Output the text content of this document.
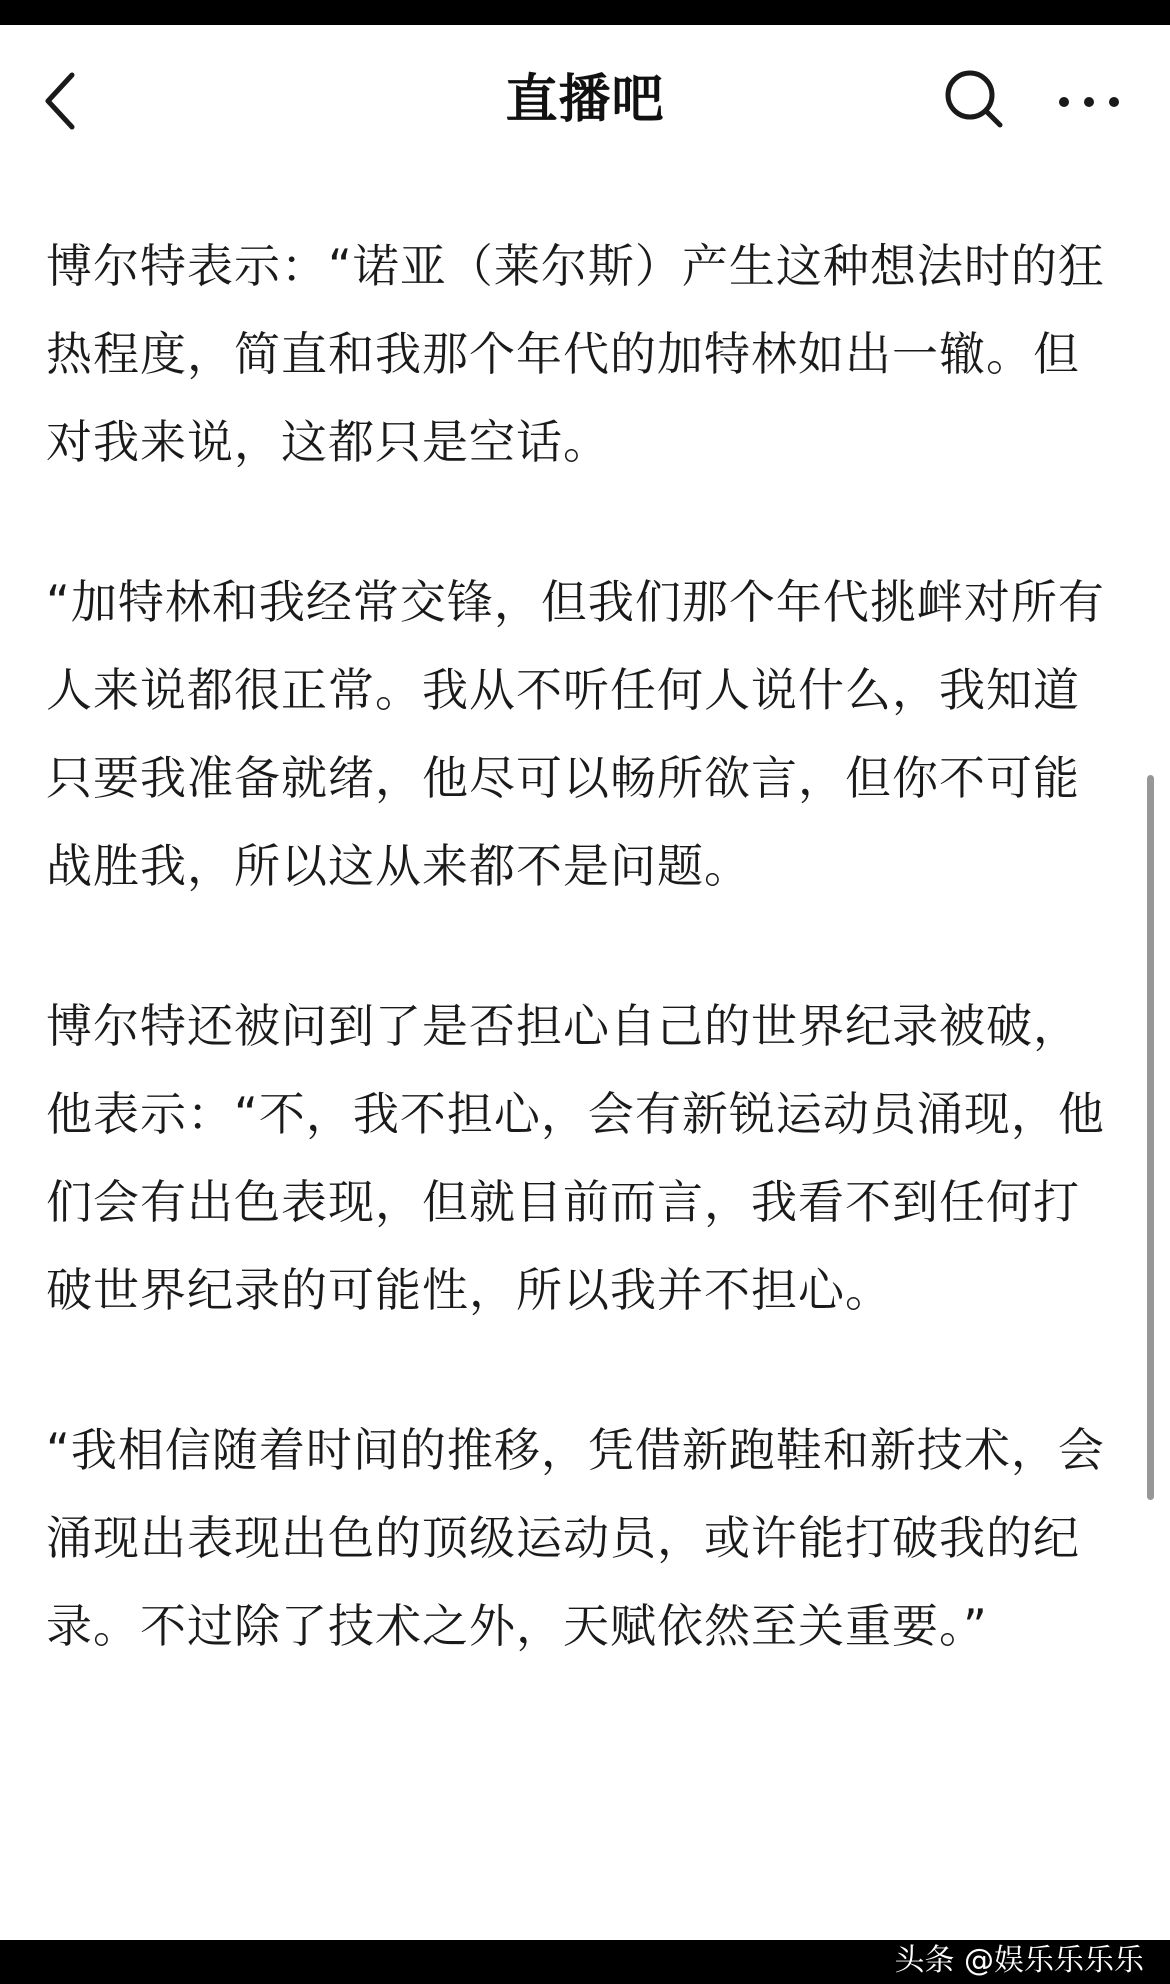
直播吧

博尔特表示：“诺亚（莱尔斯）产生这种想法时的狂热程度，简直和我那个年代的加特林如出一辙。但对我来说，这都只是空话。

“加特林和我经常交锋，但我们那个年代挑衅对所有人来说都很正常。我从不听任何人说什么，我知道只要我准备就绪，他尽可以畅所欲言，但你不可能战胜我，所以这从来都不是问题。

博尔特还被问到了是否担心自己的世界纪录被破，他表示：“不，我不担心，会有新锐运动员涌现，他们会有出色表现，但就目前而言，我看不到任何打破世界纪录的可能性，所以我并不担心。

“我相信随着时间的推移，凭借新跑鞋和新技术，会涌现出表现出色的顶级运动员，或许能打破我的纪录。不过除了技术之外，天赋依然至关重要。”

头条 @娱乐乐乐乐
